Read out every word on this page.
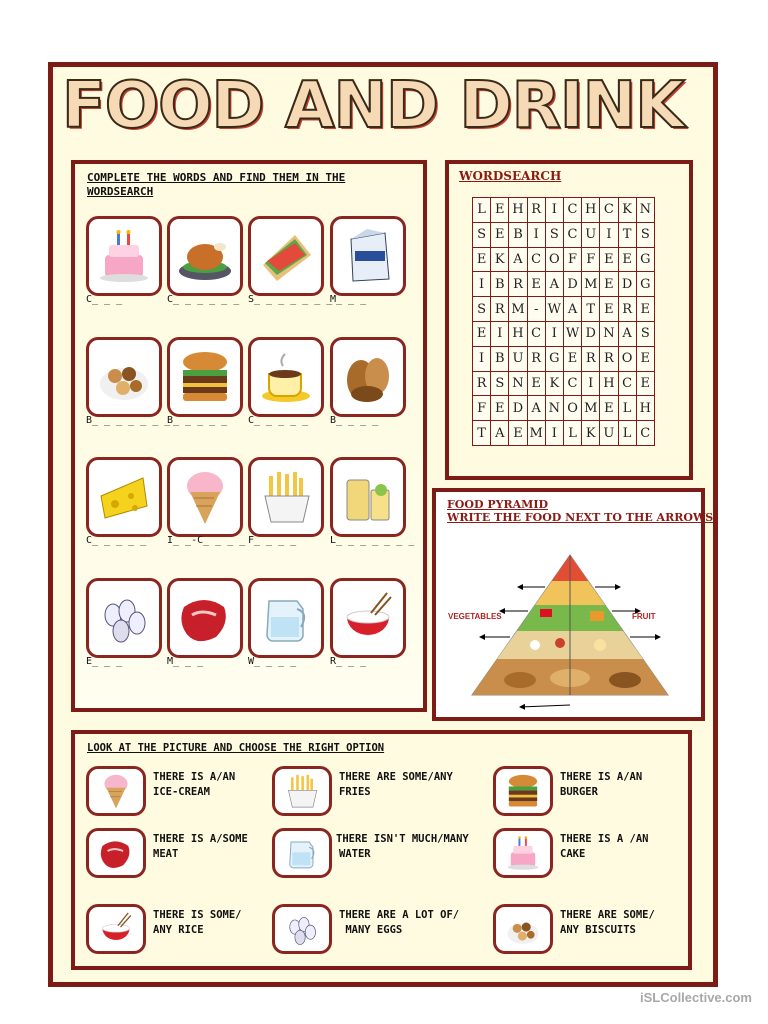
FOOD AND DRINK
COMPLETE THE WORDS AND FIND THEM IN THE
WORDSEARCH
C_ _ _	C_ _ _ _ _ _ S_ _ _ _ _ _ _
M_ _ _
B_ _ _ _ _ _ _
B_ _ _ _ _ C_ _ _ _ _ B_ _ _ _
C_ _ _ _ _ I_ _-C_ _ _ _ F_ _ _ _	L_ _ _ _ _ _ _
E_ _ _	M_ _ _	W_ _ _ _	R_ _ _
WORDSEARCH
L	E	H	R	I	C	H	C	K	N
S	E	B	I	S	C	U	I	T	S
E	K	A	C	O	F	F	E	E	G
I	B	R	E	A	D	M	E	D	G
S	R	M	-	W	A	T	E	R	E
E	I	H	C	I	W	D	N	A	S
I	B	U	R	G	E	R	R	O	E
R	S	N	E	K	C	I	H	C	E
F	E	D	A	N	O	M	E	L	H
T	A	E	M	I	L	K	U	L	C
FOOD PYRAMID
WRITE THE FOOD NEXT TO THE ARROWS
VEGETABLES	FRUIT
LOOK AT THE PICTURE AND CHOOSE THE RIGHT OPTION
THERE IS A/AN
ICE-CREAM
THERE ARE SOME/ANY
FRIES
THERE IS A/AN
BURGER
THERE IS A/SOME
MEAT
THERE ISN'T MUCH/MANY
WATER
THERE IS A /AN
CAKE
THERE IS SOME/
ANY RICE
THERE ARE A LOT OF/
MANY EGGS
THERE ARE SOME/
ANY BISCUITS
iSLCollective.com
